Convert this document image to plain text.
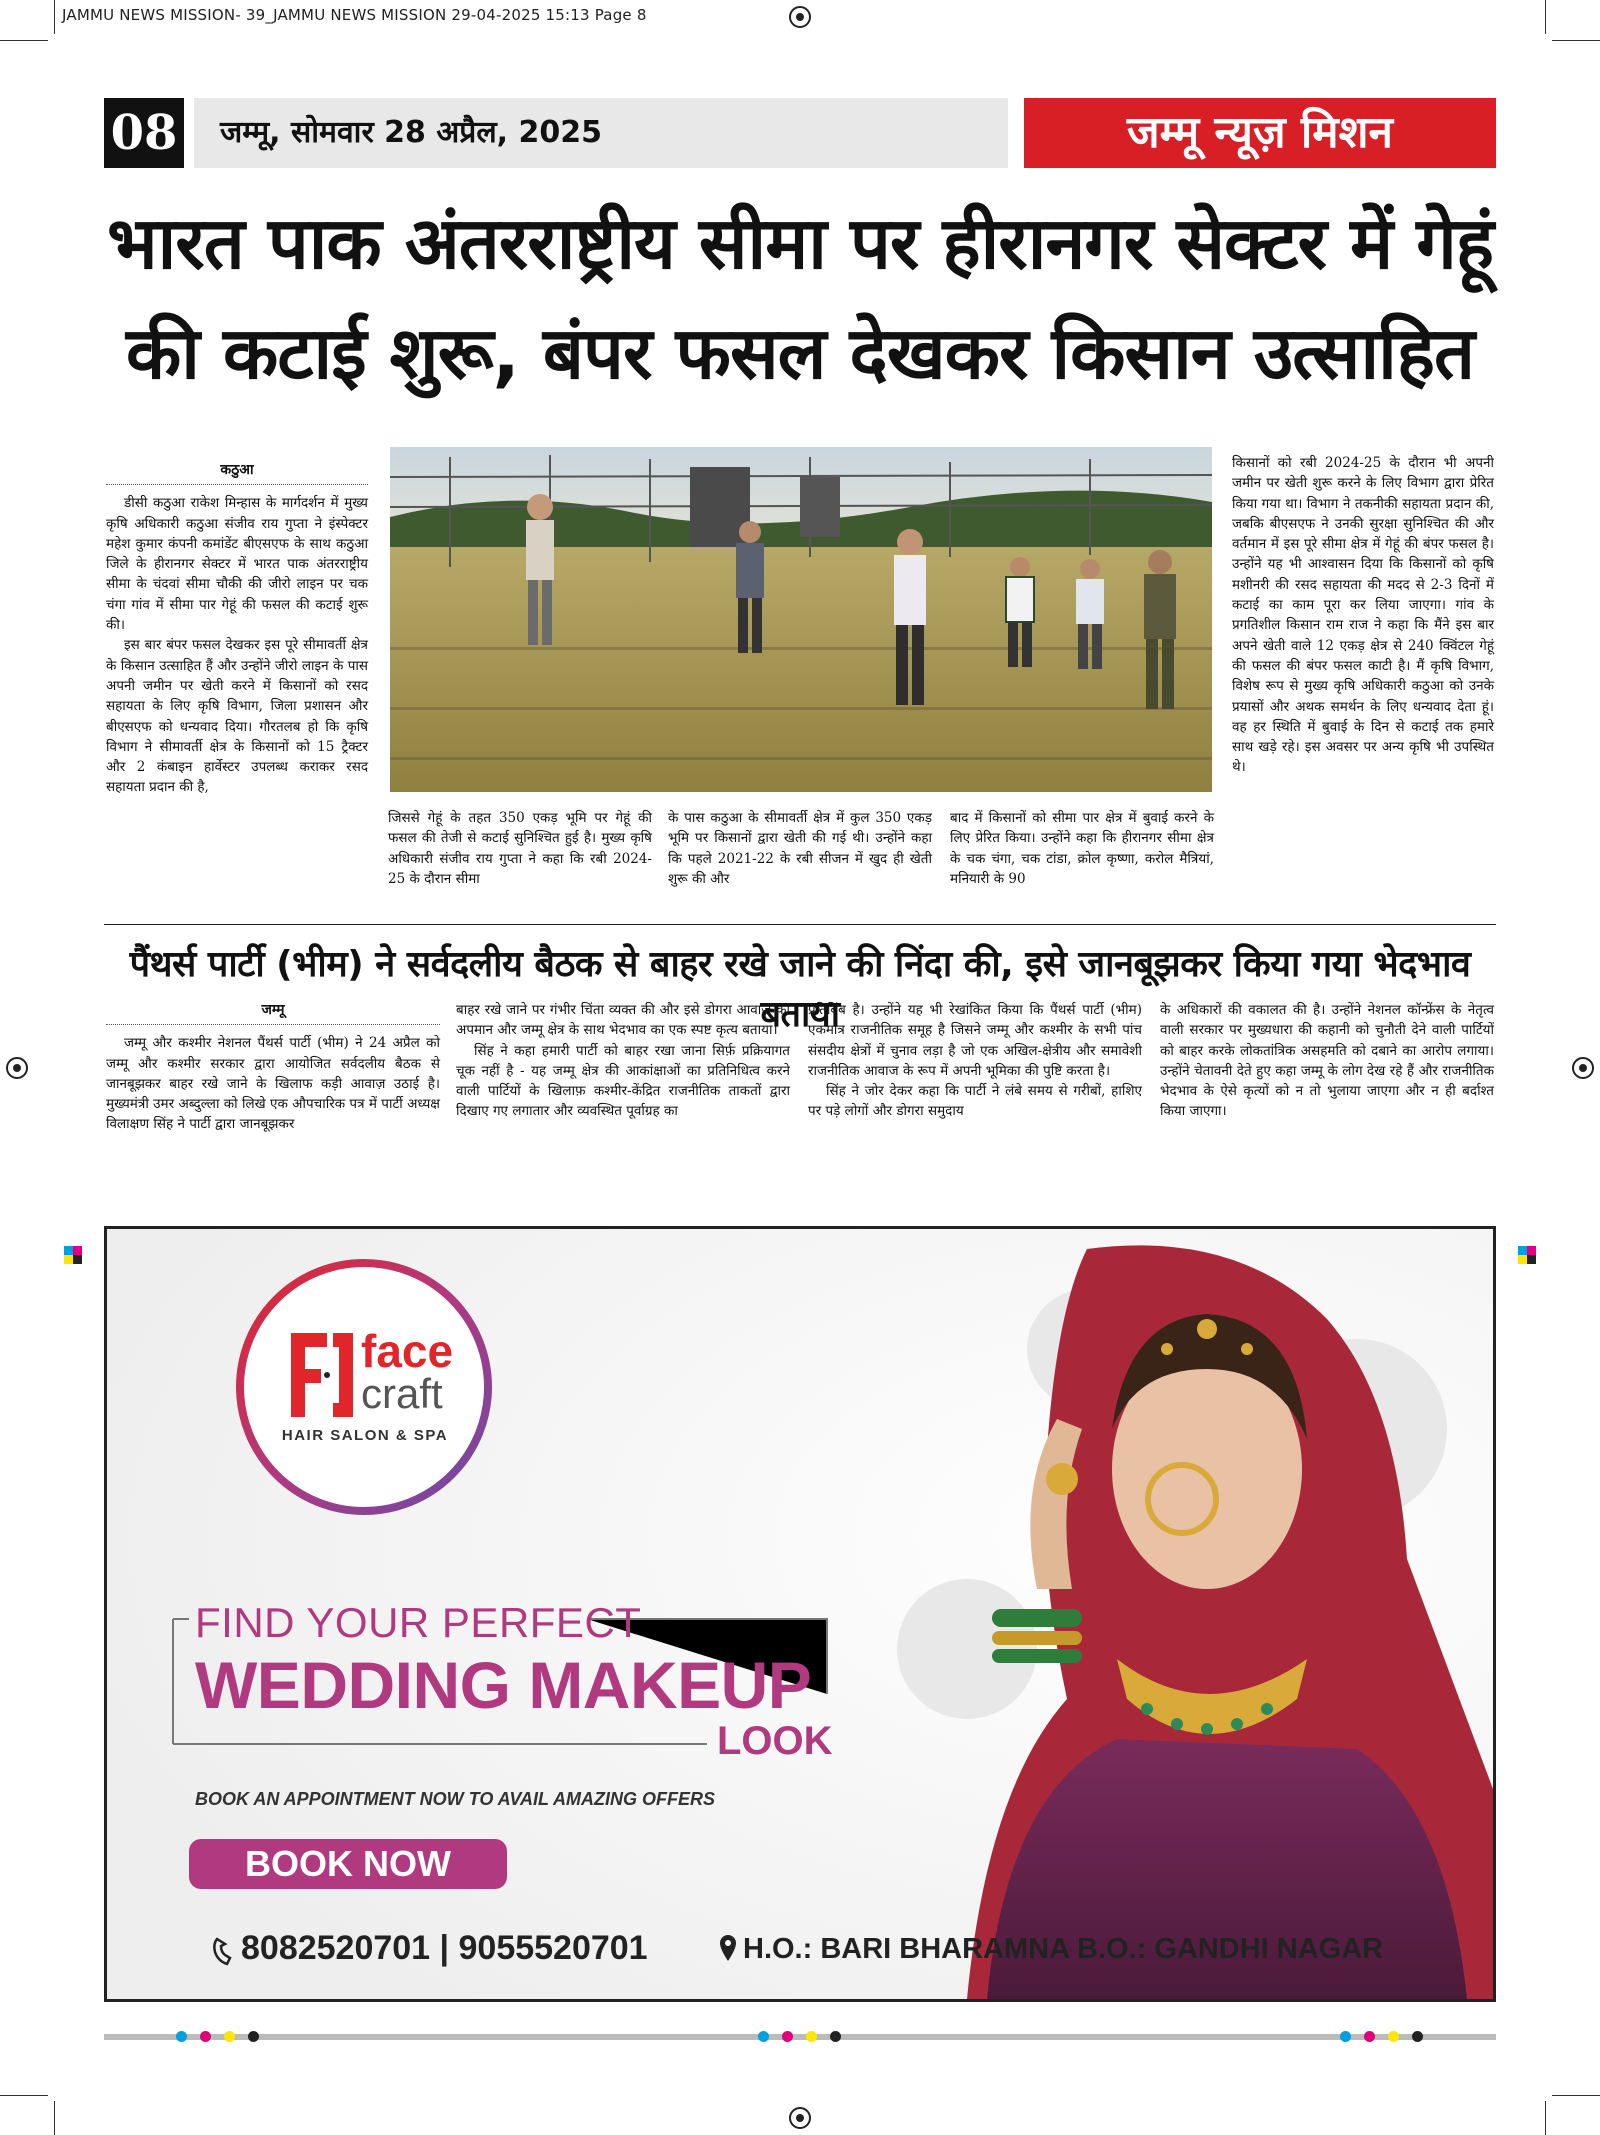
JAMMU NEWS MISSION- 39_JAMMU NEWS MISSION 29-04-2025 15:13 Page 8
08 जम्मू, सोमवार 28 अप्रैल, 2025	जम्मू न्यूज़ मिशन
भारत पाक अंतरराष्ट्रीय सीमा पर हीरानगर सेक्टर में गेहूं
की कटाई शुरू, बंपर फसल देखकर किसान उत्साहित
कठुआ

डीसी कठुआ राकेश मिन्हास के मार्गदर्शन में मुख्य कृषि अधिकारी कठुआ संजीव राय गुप्ता ने इंस्पेक्टर महेश कुमार कंपनी कमांडेंट बीएसएफ के साथ कठुआ जिले के हीरानगर सेक्टर में भारत पाक अंतरराष्ट्रीय सीमा के चंदवां सीमा चौकी की जीरो लाइन पर चक चंगा गांव में सीमा पार गेहूं की फसल की कटाई शुरू की।

इस बार बंपर फसल देखकर इस पूरे सीमावर्ती क्षेत्र के किसान उत्साहित हैं और उन्होंने जीरो लाइन के पास अपनी जमीन पर खेती करने में किसानों को रसद सहायता के लिए कृषि विभाग, जिला प्रशासन और बीएसएफ को धन्यवाद दिया। गौरतलब हो कि कृषि विभाग ने सीमावर्ती क्षेत्र के किसानों को 15 ट्रैक्टर और 2 कंबाइन हार्वेस्टर उपलब्ध कराकर रसद सहायता प्रदान की है,

जिससे गेहूं के तहत 350 एकड़ भूमि पर गेहूं की फसल की तेजी से कटाई सुनिश्चित हुई है। मुख्य कृषि अधिकारी संजीव राय गुप्ता ने कहा कि रबी 2024-25 के दौरान सीमा

के पास कठुआ के सीमावर्ती क्षेत्र में कुल 350 एकड़ भूमि पर किसानों द्वारा खेती की गई थी। उन्होंने कहा कि पहले 2021-22 के रबी सीजन में खुद ही खेती शुरू की और

बाद में किसानों को सीमा पार क्षेत्र में बुवाई करने के लिए प्रेरित किया। उन्होंने कहा कि हीरानगर सीमा क्षेत्र के चक चंगा, चक टांडा, क्रोल कृष्णा, करोल मैत्रियां, मनियारी के 90

किसानों को रबी 2024-25 के दौरान भी अपनी जमीन पर खेती शुरू करने के लिए विभाग द्वारा प्रेरित किया गया था। विभाग ने तकनीकी सहायता प्रदान की, जबकि बीएसएफ ने उनकी सुरक्षा सुनिश्चित की और वर्तमान में इस पूरे सीमा क्षेत्र में गेहूं की बंपर फसल है। उन्होंने यह भी आश्वासन दिया कि किसानों को कृषि मशीनरी की रसद सहायता की मदद से 2-3 दिनों में कटाई का काम पूरा कर लिया जाएगा। गांव के प्रगतिशील किसान राम राज ने कहा कि मैंने इस बार अपने खेती वाले 12 एकड़ क्षेत्र से 240 क्विंटल गेहूं की फसल की बंपर फसल काटी है। मैं कृषि विभाग, विशेष रूप से मुख्य कृषि अधिकारी कठुआ को उनके प्रयासों और अथक समर्थन के लिए धन्यवाद देता हूं। वह हर स्थिति में बुवाई के दिन से कटाई तक हमारे साथ खड़े रहे। इस अवसर पर अन्य कृषि भी उपस्थित थे।

पैंथर्स पार्टी (भीम) ने सर्वदलीय बैठक से बाहर रखे जाने की निंदा की, इसे जानबूझकर किया गया भेदभाव बताया
जम्मू

जम्मू और कश्मीर नेशनल पैंथर्स पार्टी (भीम) ने 24 अप्रैल को जम्मू और कश्मीर सरकार द्वारा आयोजित सर्वदलीय बैठक से जानबूझकर बाहर रखे जाने के खिलाफ कड़ी आवाज़ उठाई है। मुख्यमंत्री उमर अब्दुल्ला को लिखे एक औपचारिक पत्र में पार्टी अध्यक्ष विलाक्षण सिंह ने पार्टी द्वारा जानबूझकर

बाहर रखे जाने पर गंभीर चिंता व्यक्त की और इसे डोगरा आवाज़ का अपमान और जम्मू क्षेत्र के साथ भेदभाव का एक स्पष्ट कृत्य बताया।

सिंह ने कहा हमारी पार्टी को बाहर रखा जाना सिर्फ़ प्रक्रियागत चूक नहीं है - यह जम्मू क्षेत्र की आकांक्षाओं का प्रतिनिधित्व करने वाली पार्टियों के खिलाफ़ कश्मीर-केंद्रित राजनीतिक ताकतों द्वारा दिखाए गए लगातार और व्यवस्थित पूर्वाग्रह का

प्रतिबिंब है। उन्होंने यह भी रेखांकित किया कि पैंथर्स पार्टी (भीम) एकमात्र राजनीतिक समूह है जिसने जम्मू और कश्मीर के सभी पांच संसदीय क्षेत्रों में चुनाव लड़ा है जो एक अखिल-क्षेत्रीय और समावेशी राजनीतिक आवाज के रूप में अपनी भूमिका की पुष्टि करता है।

सिंह ने जोर देकर कहा कि पार्टी ने लंबे समय से गरीबों, हाशिए पर पड़े लोगों और डोगरा समुदाय

के अधिकारों की वकालत की है। उन्होंने नेशनल कॉन्फ्रेंस के नेतृत्व वाली सरकार पर मुख्यधारा की कहानी को चुनौती देने वाली पार्टियों को बाहर करके लोकतांत्रिक असहमति को दबाने का आरोप लगाया। उन्होंने चेतावनी देते हुए कहा जम्मू के लोग देख रहे हैं और राजनीतिक भेदभाव के ऐसे कृत्यों को न तो भुलाया जाएगा और न ही बर्दाश्त किया जाएगा।

face
craft
HAIR SALON & SPA
FIND YOUR PERFECT
WEDDING MAKEUP
LOOK
BOOK AN APPOINTMENT NOW TO AVAIL AMAZING OFFERS
BOOK NOW
8082520701 | 9055520701	H.O.: BARI BHARAMNA B.O.: GANDHI NAGAR
